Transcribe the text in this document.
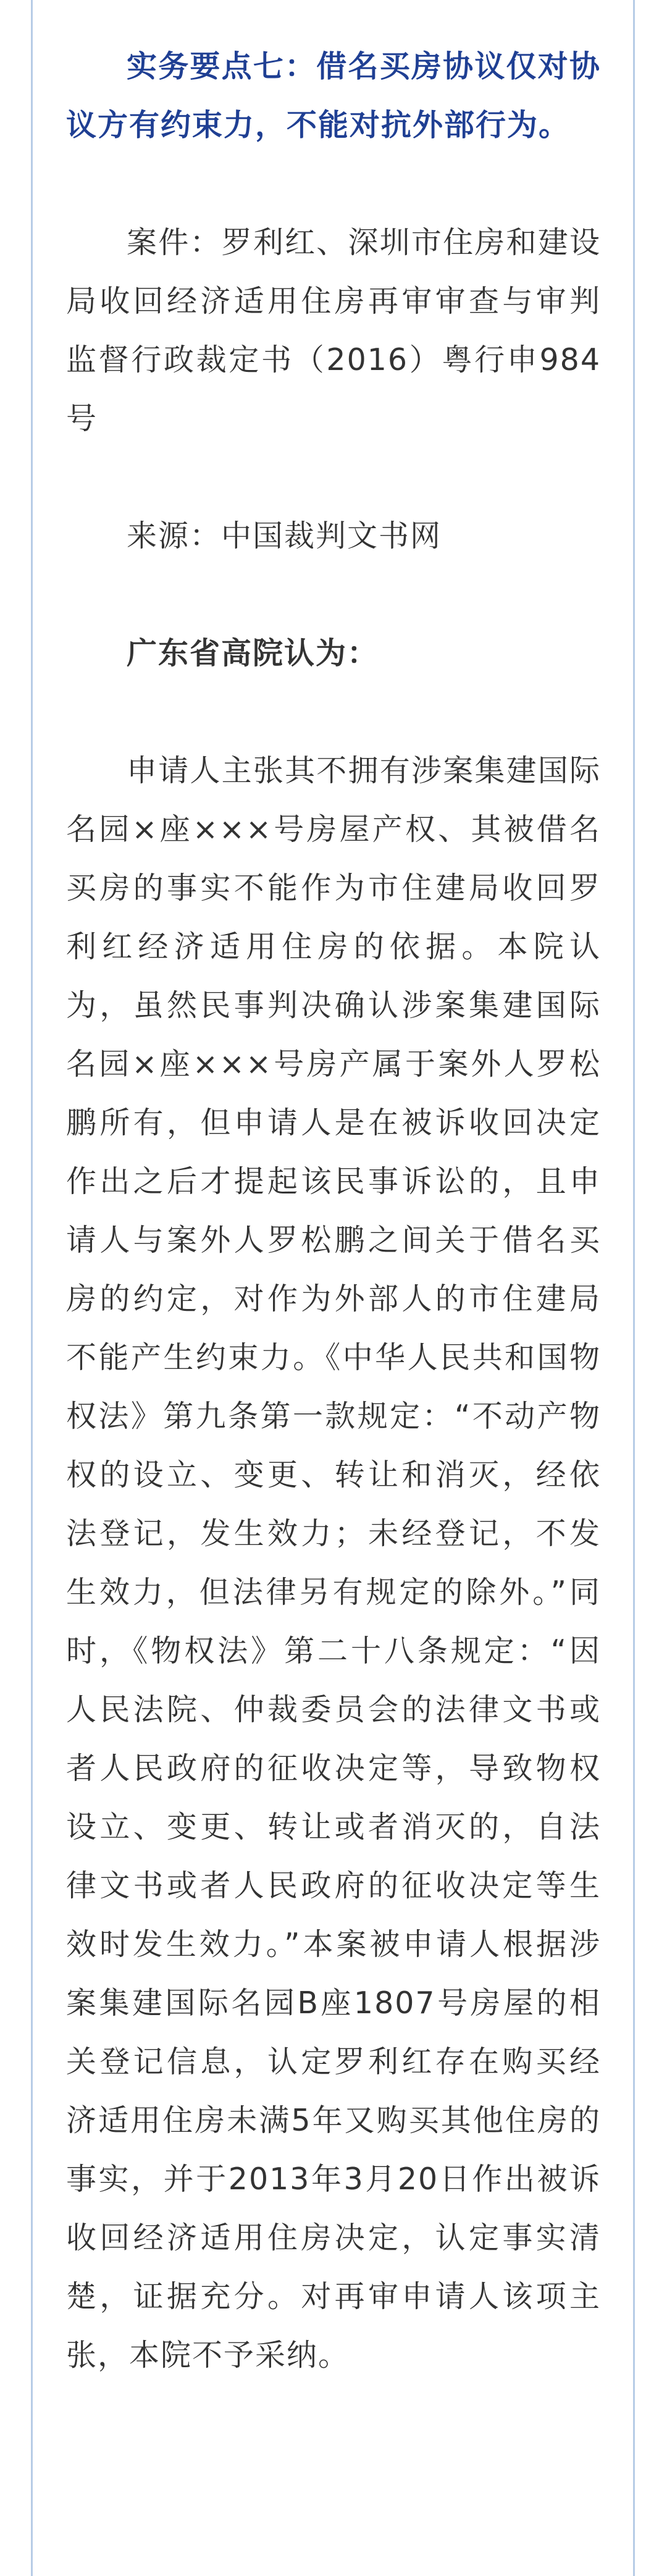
实务要点七：借名买房协议仅对协议方有约束力，不能对抗外部行为。

案件：罗利红、深圳市住房和建设局收回经济适用住房再审审查与审判监督行政裁定书（2016）粤行申984号

来源：中国裁判文书网

广东省高院认为：

申请人主张其不拥有涉案集建国际名园×座×××号房屋产权、其被借名买房的事实不能作为市住建局收回罗利红经济适用住房的依据。本院认为，虽然民事判决确认涉案集建国际名园×座×××号房产属于案外人罗松鹏所有，但申请人是在被诉收回决定作出之后才提起该民事诉讼的，且申请人与案外人罗松鹏之间关于借名买房的约定，对作为外部人的市住建局不能产生约束力。《中华人民共和国物权法》第九条第一款规定：“不动产物权的设立、变更、转让和消灭，经依法登记，发生效力；未经登记，不发生效力，但法律另有规定的除外。”同时，《物权法》第二十八条规定：“因人民法院、仲裁委员会的法律文书或者人民政府的征收决定等，导致物权设立、变更、转让或者消灭的，自法律文书或者人民政府的征收决定等生效时发生效力。”本案被申请人根据涉案集建国际名园B座1807号房屋的相关登记信息，认定罗利红存在购买经济适用住房未满5年又购买其他住房的事实，并于2013年3月20日作出被诉收回经济适用住房决定，认定事实清楚，证据充分。对再审申请人该项主张，本院不予采纳。
